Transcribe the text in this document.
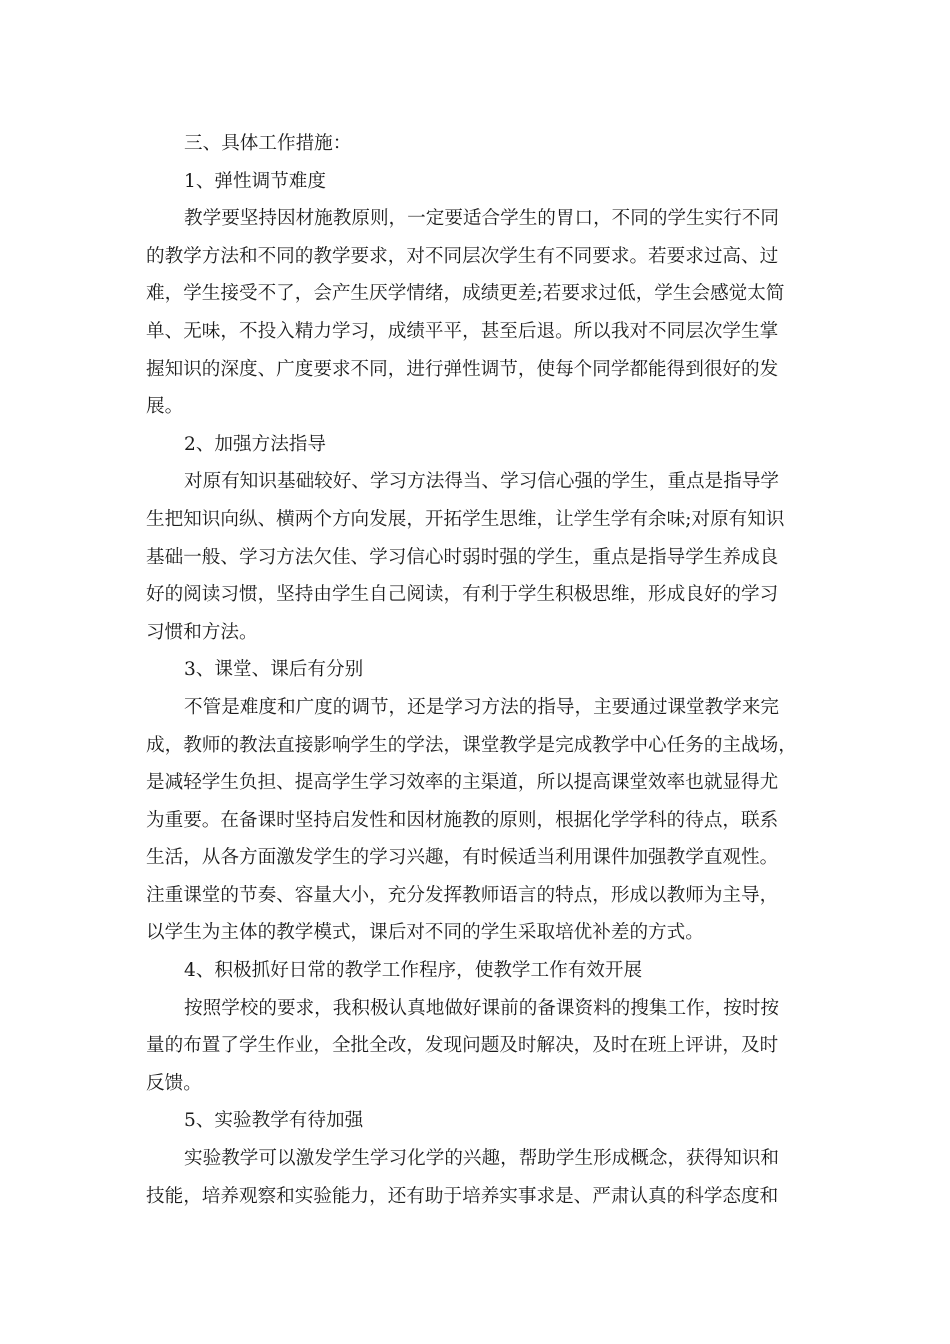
三、具体工作措施：
1、弹性调节难度
教学要坚持因材施教原则，一定要适合学生的胃口，不同的学生实行不同
的教学方法和不同的教学要求，对不同层次学生有不同要求。若要求过高、过
难，学生接受不了，会产生厌学情绪，成绩更差;若要求过低，学生会感觉太简
单、无味，不投入精力学习，成绩平平，甚至后退。所以我对不同层次学生掌
握知识的深度、广度要求不同，进行弹性调节，使每个同学都能得到很好的发
展。
2、加强方法指导
对原有知识基础较好、学习方法得当、学习信心强的学生，重点是指导学
生把知识向纵、横两个方向发展，开拓学生思维，让学生学有余味;对原有知识
基础一般、学习方法欠佳、学习信心时弱时强的学生，重点是指导学生养成良
好的阅读习惯，坚持由学生自己阅读，有利于学生积极思维，形成良好的学习
习惯和方法。
3、课堂、课后有分别
不管是难度和广度的调节，还是学习方法的指导，主要通过课堂教学来完
成，教师的教法直接影响学生的学法，课堂教学是完成教学中心任务的主战场，
是减轻学生负担、提高学生学习效率的主渠道，所以提高课堂效率也就显得尤
为重要。在备课时坚持启发性和因材施教的原则，根据化学学科的待点，联系
生活，从各方面激发学生的学习兴趣，有时候适当利用课件加强教学直观性。
注重课堂的节奏、容量大小，充分发挥教师语言的特点，形成以教师为主导，
以学生为主体的教学模式，课后对不同的学生采取培优补差的方式。
4、积极抓好日常的教学工作程序，使教学工作有效开展
按照学校的要求，我积极认真地做好课前的备课资料的搜集工作，按时按
量的布置了学生作业，全批全改，发现问题及时解决，及时在班上评讲，及时
反馈。
5、实验教学有待加强
实验教学可以激发学生学习化学的兴趣，帮助学生形成概念，获得知识和
技能，培养观察和实验能力，还有助于培养实事求是、严肃认真的科学态度和
